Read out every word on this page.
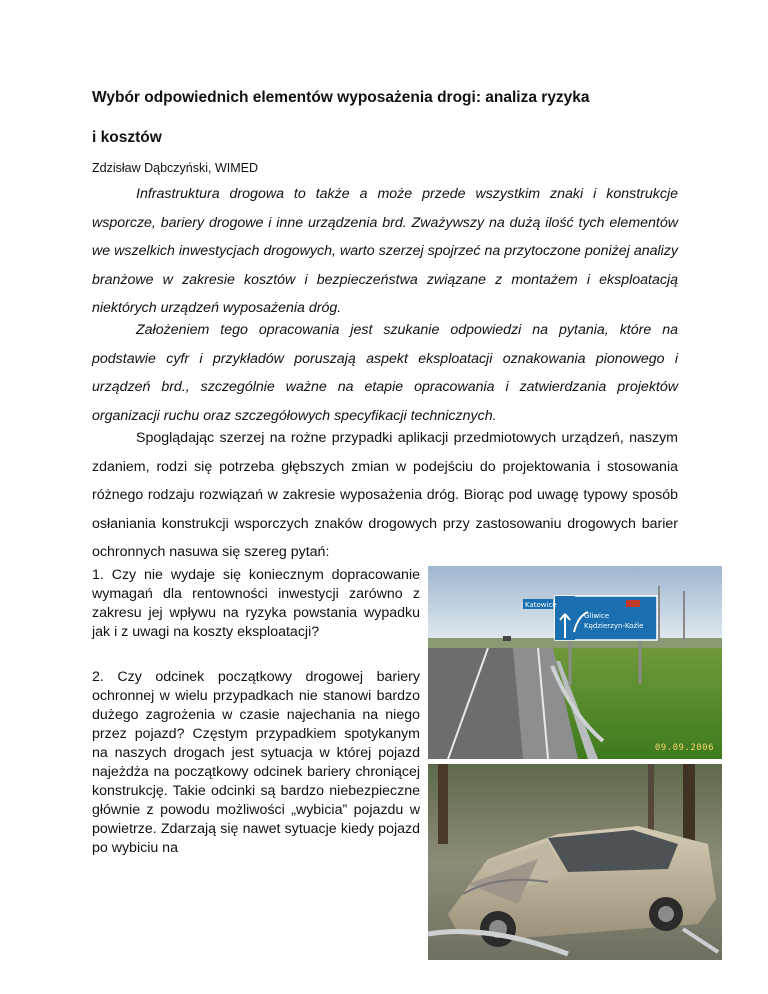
Wybór odpowiednich elementów wyposażenia drogi: analiza ryzyka
i kosztów
Zdzisław Dąbczyński, WIMED

Infrastruktura drogowa to także a może przede wszystkim znaki i konstrukcje wsporcze, bariery drogowe i inne urządzenia brd. Zważywszy na dużą ilość tych elementów we wszelkich inwestycjach drogowych, warto szerzej spojrzeć na przytoczone poniżej analizy branżowe w zakresie kosztów i bezpieczeństwa związane z montażem i eksploatacją niektórych urządzeń wyposażenia dróg.

Założeniem tego opracowania jest szukanie odpowiedzi na pytania, które na podstawie cyfr i przykładów poruszają aspekt eksploatacji oznakowania pionowego i urządzeń brd., szczególnie ważne na etapie opracowania i zatwierdzania projektów organizacji ruchu oraz szczegółowych specyfikacji technicznych.

Spoglądając szerzej na rożne przypadki aplikacji przedmiotowych urządzeń, naszym zdaniem, rodzi się potrzeba głębszych zmian w podejściu do projektowania i stosowania różnego rodzaju rozwiązań w zakresie wyposażenia dróg. Biorąc pod uwagę typowy sposób osłaniania konstrukcji wsporczych znaków drogowych przy zastosowaniu drogowych barier ochronnych nasuwa się szereg pytań:

1. Czy nie wydaje się koniecznym dopracowanie wymagań dla rentowności inwestycji zarówno z zakresu jej wpływu na ryzyka powstania wypadku jak i z uwagi na koszty eksploatacji?

2. Czy odcinek początkowy drogowej bariery ochronnej w wielu przypadkach nie stanowi bardzo dużego zagrożenia w czasie najechania na niego przez pojazd? Częstym przypadkiem spotykanym na naszych drogach jest sytuacja w której pojazd najeżdża na początkowy odcinek bariery chroniącej konstrukcję. Takie odcinki są bardzo niebezpieczne głównie z powodu możliwości „wybicia” pojazdu w powietrze. Zdarzają się nawet sytuacje kiedy pojazd po wybiciu na

Katowice
Gliwice
Kędzierzyn-Koźle
09.09.2006
